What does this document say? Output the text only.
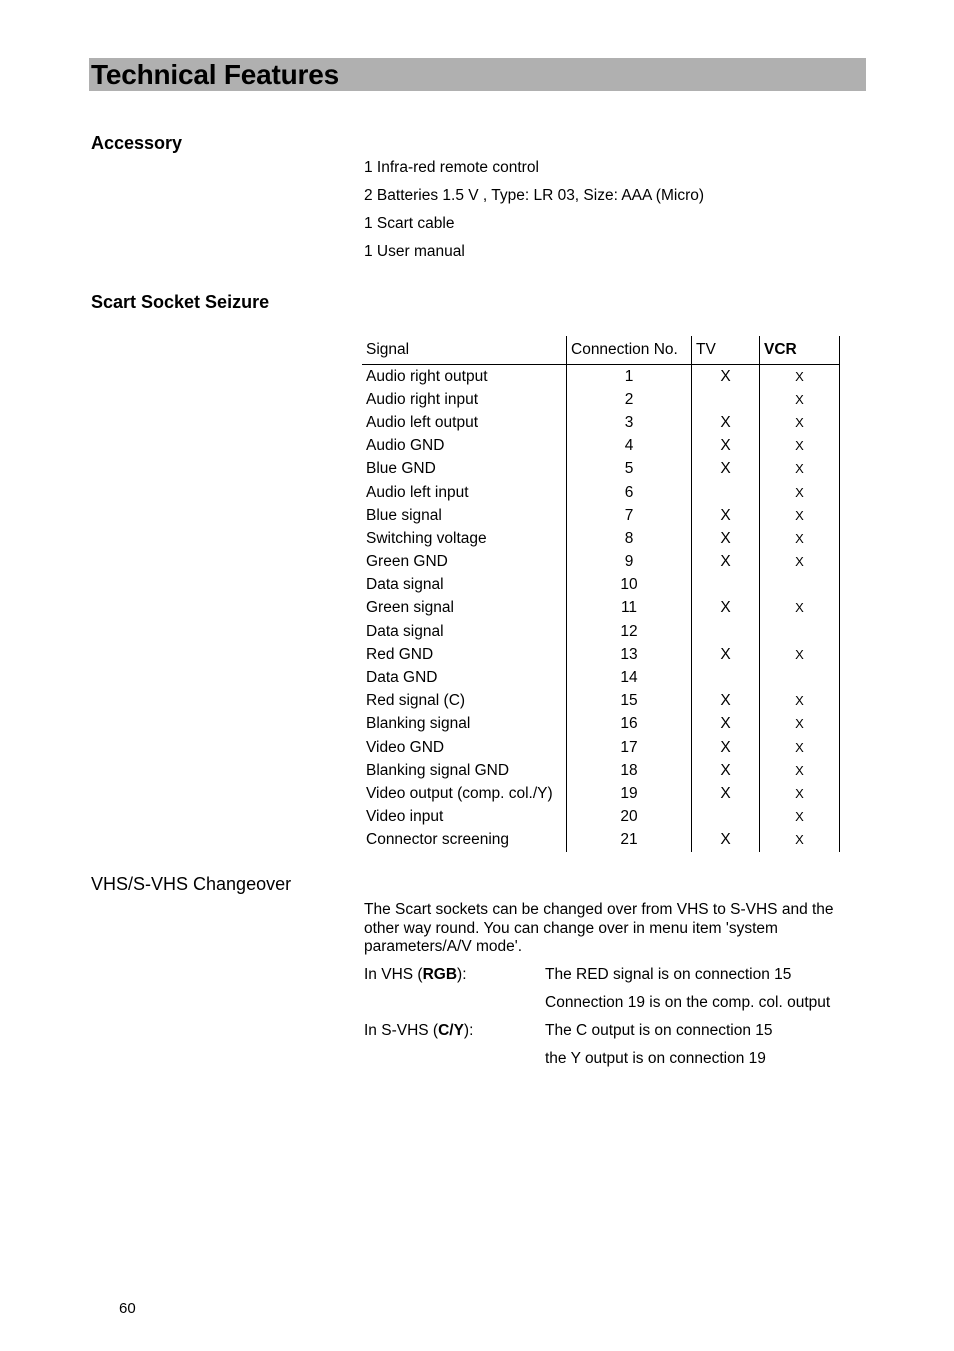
Technical Features
Accessory
1 Infra-red remote control
2 Batteries 1.5 V , Type: LR 03, Size: AAA (Micro)
1 Scart cable
1 User manual
Scart Socket Seizure
Signal	Connection No.	TV	VCR
Audio right output	1	X	X
Audio right input	2		X
Audio left output	3	X	X
Audio GND	4	X	X
Blue GND	5	X	X
Audio left input	6		X
Blue signal	7	X	X
Switching voltage	8	X	X
Green GND	9	X	X
Data signal	10		
Green signal	11	X	X
Data signal	12		
Red GND	13	X	X
Data GND	14		
Red signal (C)	15	X	X
Blanking signal	16	X	X
Video GND	17	X	X
Blanking signal GND	18	X	X
Video output (comp. col./Y)	19	X	X
Video input	20		X
Connector screening	21	X	X
VHS/S-VHS Changeover
The Scart sockets can be changed over from VHS to S-VHS and the other way round. You can change over in menu item 'system parameters/A/V mode'.
In VHS (RGB):	The RED signal is on connection 15
Connection 19 is on the comp. col. output
In S-VHS (C/Y):	The C output is on connection 15
the Y output is on connection 19
60
